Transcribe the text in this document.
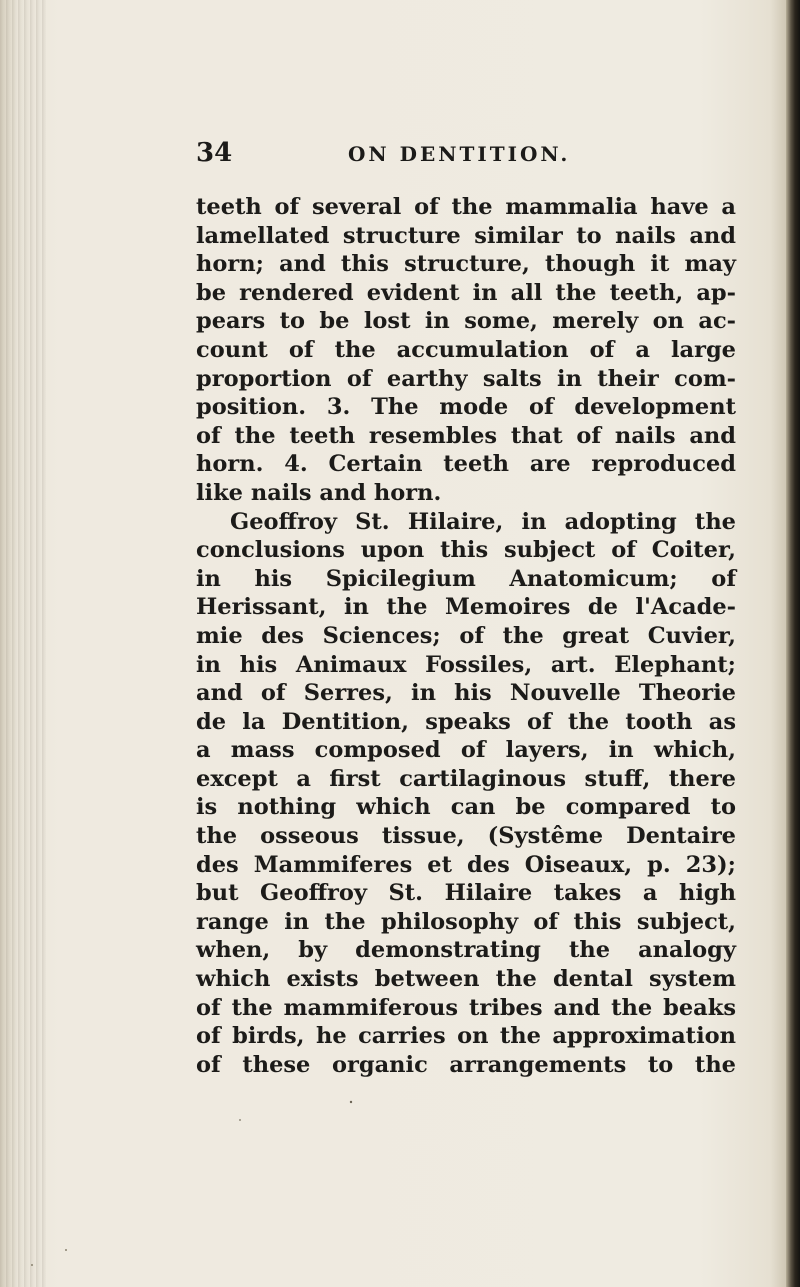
34	ON DENTITION.
teeth of several of the mammalia have a
lamellated structure similar to nails and
horn; and this structure, though it may
be rendered evident in all the teeth, ap-
pears to be lost in some, merely on ac-
count of the accumulation of a large
proportion of earthy salts in their com-
position. 3. The mode of development
of the teeth resembles that of nails and
horn. 4. Certain teeth are reproduced
like nails and horn.
Geoffroy St. Hilaire, in adopting the
conclusions upon this subject of Coiter,
in his Spicilegium Anatomicum; of
Herissant, in the Memoires de l'Acade-
mie des Sciences; of the great Cuvier,
in his Animaux Fossiles, art. Elephant;
and of Serres, in his Nouvelle Theorie
de la Dentition, speaks of the tooth as
a mass composed of layers, in which,
except a first cartilaginous stuff, there
is nothing which can be compared to
the osseous tissue, (Systême Dentaire
des Mammiferes et des Oiseaux, p. 23);
but Geoffroy St. Hilaire takes a high
range in the philosophy of this subject,
when, by demonstrating the analogy
which exists between the dental system
of the mammiferous tribes and the beaks
of birds, he carries on the approximation
of these organic arrangements to the
